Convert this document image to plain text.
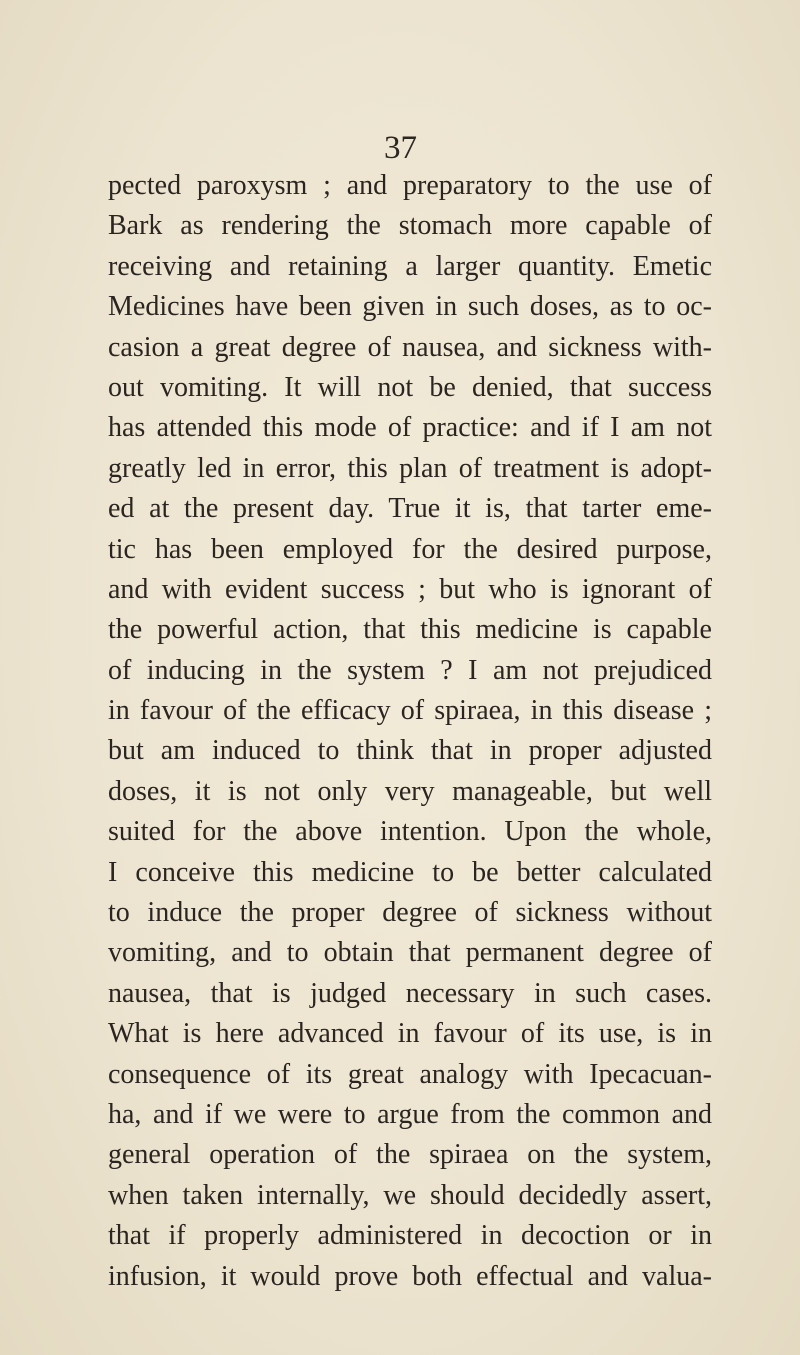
37
pected paroxysm ; and preparatory to the use of
Bark as rendering the stomach more capable of
receiving and retaining a larger quantity. Emetic
Medicines have been given in such doses, as to oc-
casion a great degree of nausea, and sickness with-
out vomiting. It will not be denied, that success
has attended this mode of practice: and if I am not
greatly led in error, this plan of treatment is adopt-
ed at the present day. True it is, that tarter eme-
tic has been employed for the desired purpose,
and with evident success ; but who is ignorant of
the powerful action, that this medicine is capable
of inducing in the system ? I am not prejudiced
in favour of the efficacy of spiraea, in this disease ;
but am induced to think that in proper adjusted
doses, it is not only very manageable, but well
suited for the above intention. Upon the whole,
I conceive this medicine to be better calculated
to induce the proper degree of sickness without
vomiting, and to obtain that permanent degree of
nausea, that is judged necessary in such cases.
What is here advanced in favour of its use, is in
consequence of its great analogy with Ipecacuan-
ha, and if we were to argue from the common and
general operation of the spiraea on the system,
when taken internally, we should decidedly assert,
that if properly administered in decoction or in
infusion, it would prove both effectual and valua-
